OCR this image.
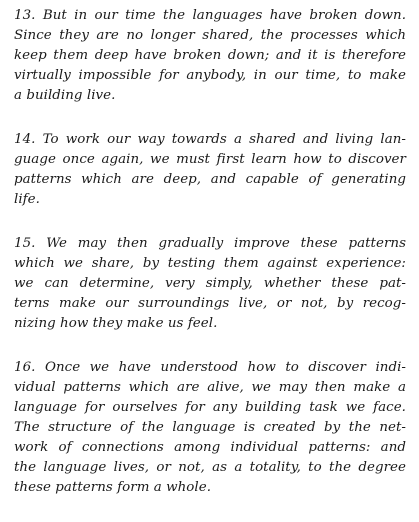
13. But in our time the languages have broken down.
Since they are no longer shared, the processes which
keep them deep have broken down; and it is therefore
virtually impossible for anybody, in our time, to make
a building live.
14. To work our way towards a shared and living lan-
guage once again, we must first learn how to discover
patterns which are deep, and capable of generating
life.
15. We may then gradually improve these patterns
which we share, by testing them against experience:
we can determine, very simply, whether these pat-
terns make our surroundings live, or not, by recog-
nizing how they make us feel.
16. Once we have understood how to discover indi-
vidual patterns which are alive, we may then make a
language for ourselves for any building task we face.
The structure of the language is created by the net-
work of connections among individual patterns: and
the language lives, or not, as a totality, to the degree
these patterns form a whole.
